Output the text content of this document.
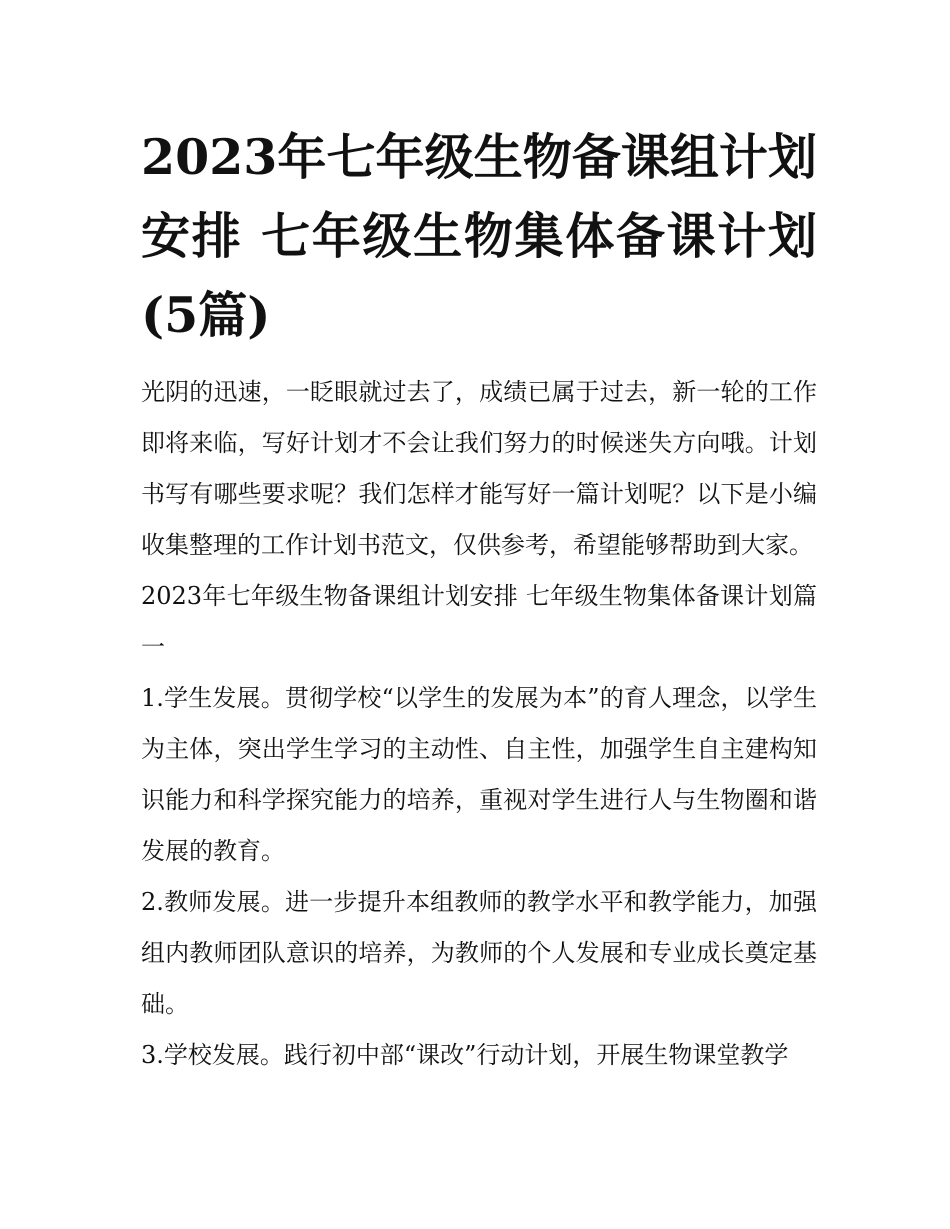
2023年七年级生物备课组计划安排 七年级生物集体备课计划(5篇)

光阴的迅速，一眨眼就过去了，成绩已属于过去，新一轮的工作即将来临，写好计划才不会让我们努力的时候迷失方向哦。计划书写有哪些要求呢？我们怎样才能写好一篇计划呢？以下是小编收集整理的工作计划书范文，仅供参考，希望能够帮助到大家。

2023年七年级生物备课组计划安排 七年级生物集体备课计划篇一

1.学生发展。贯彻学校“以学生的发展为本”的育人理念，以学生为主体，突出学生学习的主动性、自主性，加强学生自主建构知识能力和科学探究能力的培养，重视对学生进行人与生物圈和谐发展的教育。

2.教师发展。进一步提升本组教师的教学水平和教学能力，加强组内教师团队意识的培养，为教师的个人发展和专业成长奠定基础。

3.学校发展。践行初中部“课改”行动计划，开展生物课堂教学
